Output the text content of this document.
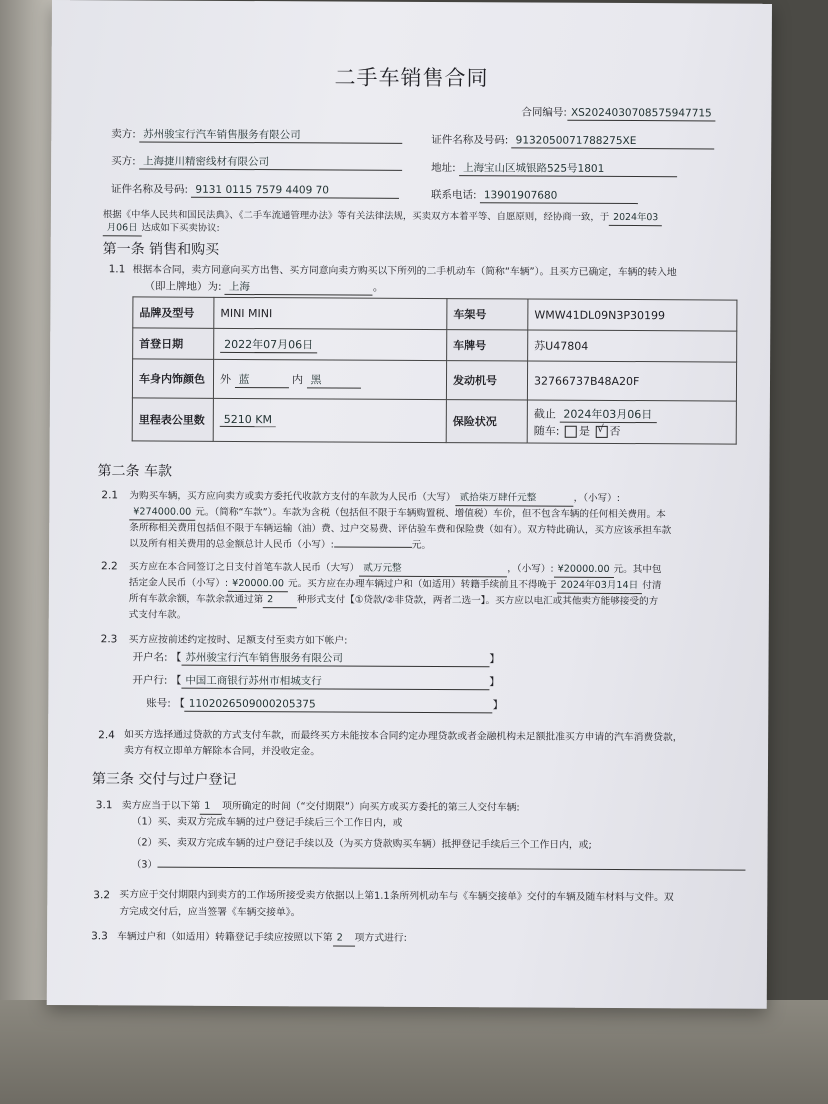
二手车销售合同
合同编号: XS2024030708575947715
卖方: 苏州骏宝行汽车销售服务有限公司	证件名称及号码: 9132050071788275XE
买方: 上海捷川精密线材有限公司	地址: 上海宝山区城银路525号1801
证件名称及号码: 9131 0115 7579 4409 70	联系电话: 13901907680
根据《中华人民共和国民法典》、《二手车流通管理办法》等有关法律法规，买卖双方本着平等、自愿原则，经协商一致，于 2024年03
月06日 达成如下买卖协议:
第一条 销售和购买
1.1 根据本合同，卖方同意向买方出售、买方同意向卖方购买以下所列的二手机动车（简称“车辆”）。且买方已确定，车辆的转入地
（即上牌地）为: 上海	。
品牌及型号	MINI MINI	车架号	WMW41DL09N3P30199
首登日期	2022年07月06日	车牌号	苏U47804
车身内饰颜色	外 蓝 内 黑	发动机号	32766737B48A20F
里程表公里数	5210 KM	保险状况	截止 2024年03月06日
随车: 是 √ 否
第二条 车款
2.1 为购买车辆，买方应向卖方或卖方委托代收款方支付的车款为人民币（大写） 贰拾柒万肆仟元整	，（小写）:
¥274000.00 元。（简称“车款”）。车款为含税（包括但不限于车辆购置税、增值税）车价，但不包含车辆的任何相关费用。本
条所称相关费用包括但不限于车辆运输（油）费、过户交易费、评估验车费和保险费（如有）。双方特此确认，买方应该承担车款
以及所有相关费用的总金额总计人民币（小写）:	元。
2.2 买方应在本合同签订之日支付首笔车款人民币（大写） 贰万元整	，（小写）: ¥20000.00 元。其中包
括定金人民币（小写）: ¥20000.00 元。买方应在办理车辆过户和（如适用）转籍手续前且不得晚于 2024年03月14日 付清
所有车款余额，车款余款通过第 2 种形式支付【①贷款/②非贷款，两者二选一】。买方应以电汇或其他卖方能够接受的方
式支付车款。
2.3 买方应按前述约定按时、足额支付至卖方如下帐户:
开户名: 【 苏州骏宝行汽车销售服务有限公司	】
开户行: 【 中国工商银行苏州市相城支行	】
账号: 【 1102026509000205375	】
2.4 如买方选择通过贷款的方式支付车款，而最终买方未能按本合同约定办理贷款或者金融机构未足额批准买方申请的汽车消费贷款，
卖方有权立即单方解除本合同，并没收定金。
第三条 交付与过户登记
3.1 卖方应当于以下第 1 项所确定的时间（“交付期限”）向买方或买方委托的第三人交付车辆:
（1）买、卖双方完成车辆的过户登记手续后三个工作日内，或
（2）买、卖双方完成车辆的过户登记手续以及（为买方贷款购买车辆）抵押登记手续后三个工作日内，或;
（3）
3.2 买方应于交付期限内到卖方的工作场所接受卖方依据以上第1.1条所列机动车与《车辆交接单》交付的车辆及随车材料与文件。双
方完成交付后，应当签署《车辆交接单》。
3.3 车辆过户和（如适用）转籍登记手续应按照以下第 2 项方式进行:
